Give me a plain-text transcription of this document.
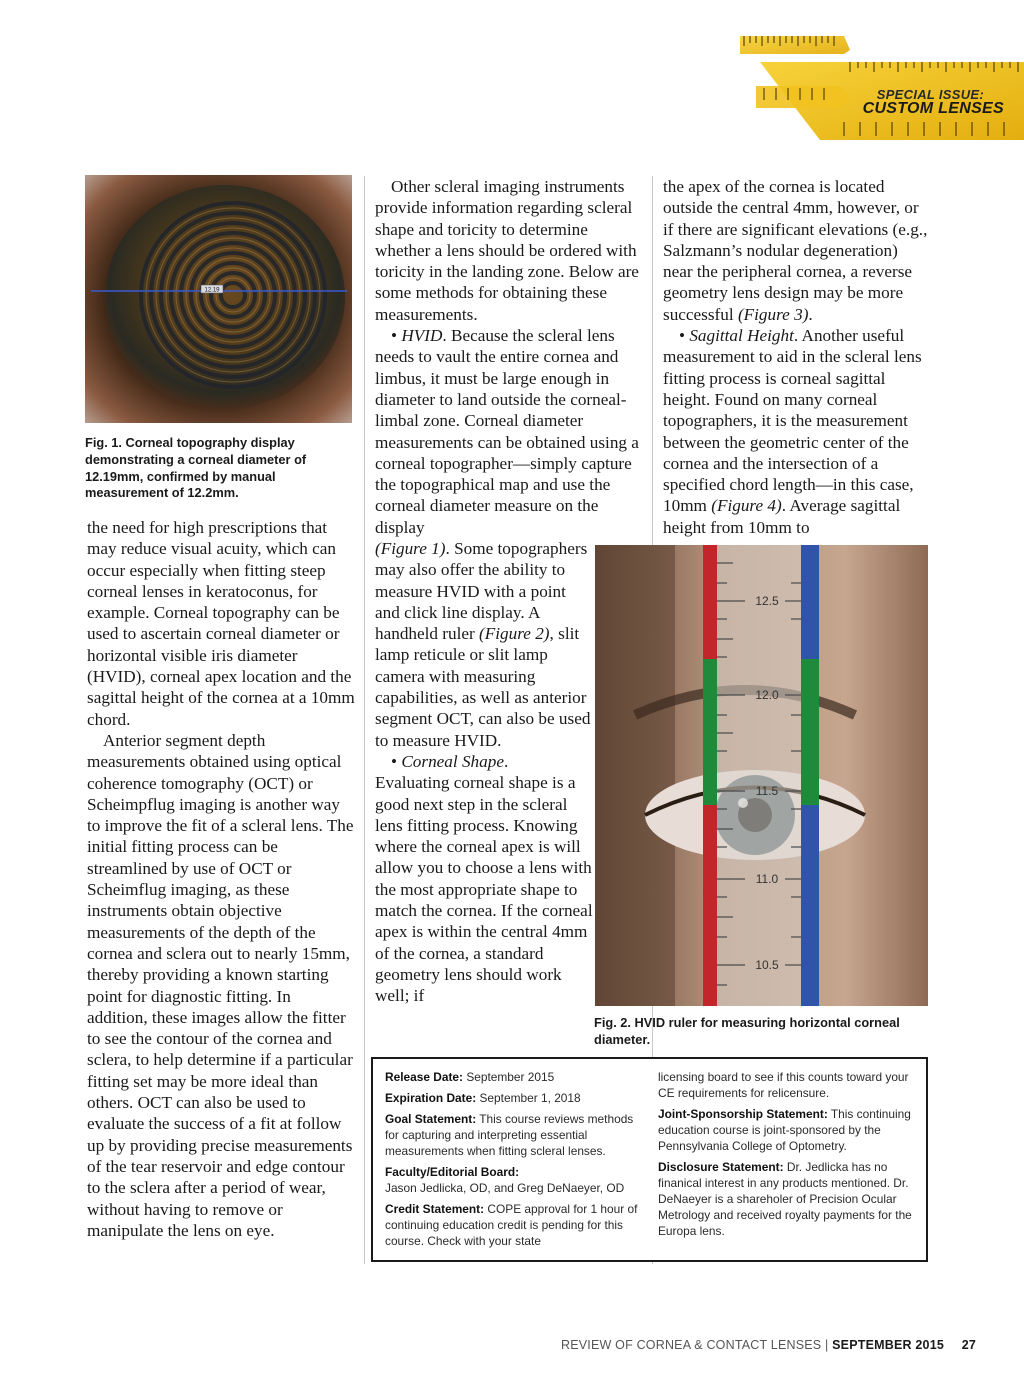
SPECIAL ISSUE:
CUSTOM LENSES
12.19
Fig. 1. Corneal topography display demonstrating a corneal diameter of 12.19mm, confirmed by manual measurement of 12.2mm.

the need for high prescriptions that may reduce visual acuity, which can occur especially when fitting steep corneal lenses in keratoconus, for example. Corneal topography can be used to ascertain corneal diameter or horizontal visible iris diameter (HVID), corneal apex location and the sagittal height of the cornea at a 10mm chord.

Anterior segment depth measurements obtained using optical coherence tomography (OCT) or Scheimpflug imaging is another way to improve the fit of a scleral lens. The initial fitting process can be streamlined by use of OCT or Scheimflug imaging, as these instruments obtain objective measurements of the depth of the cornea and sclera out to nearly 15mm, thereby providing a known starting point for diagnostic fitting. In addition, these images allow the fitter to see the contour of the cornea and sclera, to help determine if a particular fitting set may be more ideal than others. OCT can also be used to evaluate the success of a fit at follow up by providing precise measurements of the tear reservoir and edge contour to the sclera after a period of wear, without having to remove or manipulate the lens on eye.

Other scleral imaging instruments provide information regarding scleral shape and toricity to determine whether a lens should be ordered with toricity in the landing zone. Below are some methods for obtaining these measurements.

• HVID. Because the scleral lens needs to vault the entire cornea and limbus, it must be large enough in diameter to land outside the corneal-limbal zone. Corneal diameter measurements can be obtained using a corneal topographer—simply capture the topographical map and use the corneal diameter measure on the display

(Figure 1). Some topographers may also offer the ability to measure HVID with a point and click line display. A handheld ruler (Figure 2), slit lamp reticule or slit lamp camera with measuring capabilities, as well as anterior segment OCT, can also be used to measure HVID.

• Corneal Shape.

Evaluating corneal shape is a good next step in the scleral lens fitting process. Knowing where the corneal apex is will allow you to choose a lens with the most appropriate shape to match the cornea. If the corneal apex is within the central 4mm of the cornea, a standard geometry lens should work well; if

the apex of the cornea is located outside the central 4mm, however, or if there are significant elevations (e.g., Salzmann’s nodular degeneration) near the peripheral cornea, a reverse geometry lens design may be more successful (Figure 3).

• Sagittal Height. Another useful measurement to aid in the scleral lens fitting process is corneal sagittal height. Found on many corneal topographers, it is the measurement between the geometric center of the cornea and the intersection of a specified chord length—in this case, 10mm (Figure 4). Average sagittal height from 10mm to

12.5
12.0
11.5
11.0
10.5
Fig. 2. HVID ruler for measuring horizontal corneal diameter.

Release Date: September 2015

Expiration Date: September 1, 2018

Goal Statement: This course reviews methods for capturing and interpreting essential measurements when fitting scleral lenses.

Faculty/Editorial Board:
Jason Jedlicka, OD, and Greg DeNaeyer, OD

Credit Statement: COPE approval for 1 hour of continuing education credit is pending for this course. Check with your state

licensing board to see if this counts toward your CE requirements for relicensure.

Joint-Sponsorship Statement: This continuing education course is joint-sponsored by the Pennsylvania College of Optometry.

Disclosure Statement: Dr. Jedlicka has no finanical interest in any products mentioned. Dr. DeNaeyer is a shareholer of Precision Ocular Metrology and received royalty payments for the Europa lens.

REVIEW OF CORNEA & CONTACT LENSES | SEPTEMBER 2015 27
